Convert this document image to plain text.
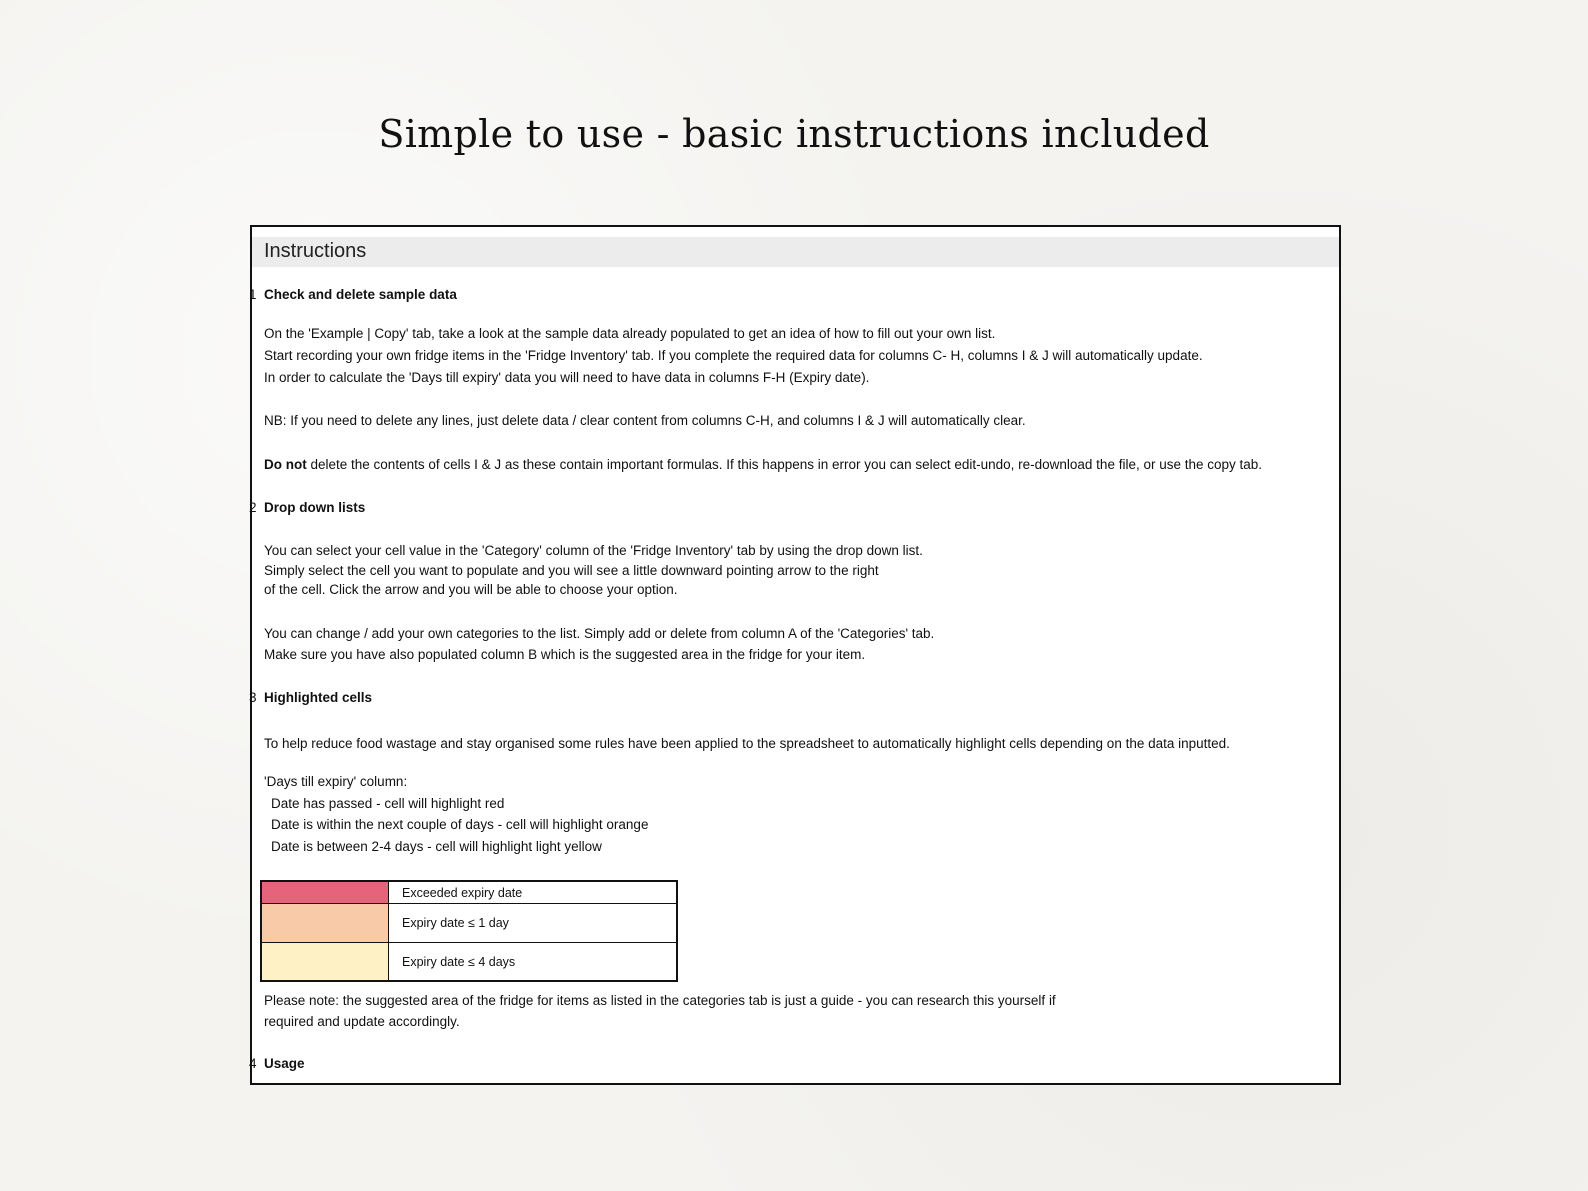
Simple to use - basic instructions included
Instructions
1 Check and delete sample data
On the 'Example | Copy' tab, take a look at the sample data already populated to get an idea of how to fill out your own list.
Start recording your own fridge items in the 'Fridge Inventory' tab. If you complete the required data for columns C- H, columns I & J will automatically update.
In order to calculate the 'Days till expiry' data you will need to have data in columns F-H (Expiry date).
NB: If you need to delete any lines, just delete data / clear content from columns C-H, and columns I & J will automatically clear.
Do not delete the contents of cells I & J as these contain important formulas. If this happens in error you can select edit-undo, re-download the file, or use the copy tab.
2 Drop down lists
You can select your cell value in the 'Category' column of the 'Fridge Inventory' tab by using the drop down list.
Simply select the cell you want to populate and you will see a little downward pointing arrow to the right
of the cell. Click the arrow and you will be able to choose your option.
You can change / add your own categories to the list. Simply add or delete from column A of the 'Categories' tab.
Make sure you have also populated column B which is the suggested area in the fridge for your item.
3 Highlighted cells
To help reduce food wastage and stay organised some rules have been applied to the spreadsheet to automatically highlight cells depending on the data inputted.
'Days till expiry' column:
Date has passed - cell will highlight red
Date is within the next couple of days - cell will highlight orange
Date is between 2-4 days - cell will highlight light yellow
Exceeded expiry date
Expiry date ≤ 1 day
Expiry date ≤ 4 days
Please note: the suggested area of the fridge for items as listed in the categories tab is just a guide - you can research this yourself if
required and update accordingly.
4 Usage
